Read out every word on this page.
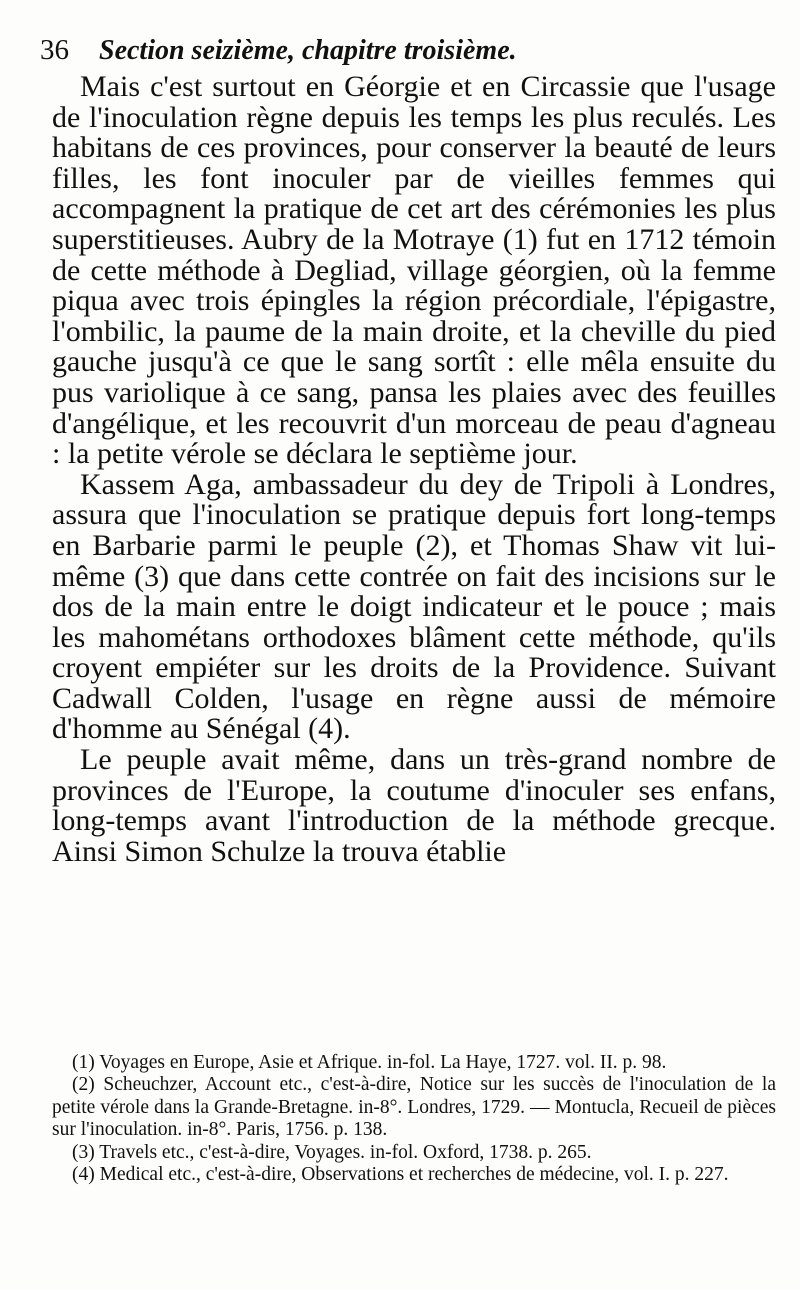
36 Section seizième, chapitre troisième.

Mais c'est surtout en Géorgie et en Circassie que l'usage de l'inoculation règne depuis les temps les plus reculés. Les habitans de ces provinces, pour conserver la beauté de leurs filles, les font inoculer par de vieilles femmes qui accompagnent la pratique de cet art des cérémonies les plus superstitieuses. Aubry de la Motraye (1) fut en 1712 témoin de cette méthode à Degliad, village géorgien, où la femme piqua avec trois épingles la région précordiale, l'épigastre, l'ombilic, la paume de la main droite, et la cheville du pied gauche jusqu'à ce que le sang sortît : elle mêla ensuite du pus variolique à ce sang, pansa les plaies avec des feuilles d'angélique, et les recouvrit d'un morceau de peau d'agneau : la petite vérole se déclara le septième jour.

Kassem Aga, ambassadeur du dey de Tripoli à Londres, assura que l'inoculation se pratique depuis fort long-temps en Barbarie parmi le peuple (2), et Thomas Shaw vit lui-même (3) que dans cette contrée on fait des incisions sur le dos de la main entre le doigt indicateur et le pouce ; mais les mahométans orthodoxes blâment cette méthode, qu'ils croyent empiéter sur les droits de la Providence. Suivant Cadwall Colden, l'usage en règne aussi de mémoire d'homme au Sénégal (4).

Le peuple avait même, dans un très-grand nombre de provinces de l'Europe, la coutume d'inoculer ses enfans, long-temps avant l'introduction de la méthode grecque. Ainsi Simon Schulze la trouva établie

(1) Voyages en Europe, Asie et Afrique. in-fol. La Haye, 1727. vol. II. p. 98.

(2) Scheuchzer, Account etc., c'est-à-dire, Notice sur les succès de l'inoculation de la petite vérole dans la Grande-Bretagne. in-8°. Londres, 1729. — Montucla, Recueil de pièces sur l'inoculation. in-8°. Paris, 1756. p. 138.

(3) Travels etc., c'est-à-dire, Voyages. in-fol. Oxford, 1738. p. 265.

(4) Medical etc., c'est-à-dire, Observations et recherches de médecine, vol. I. p. 227.
